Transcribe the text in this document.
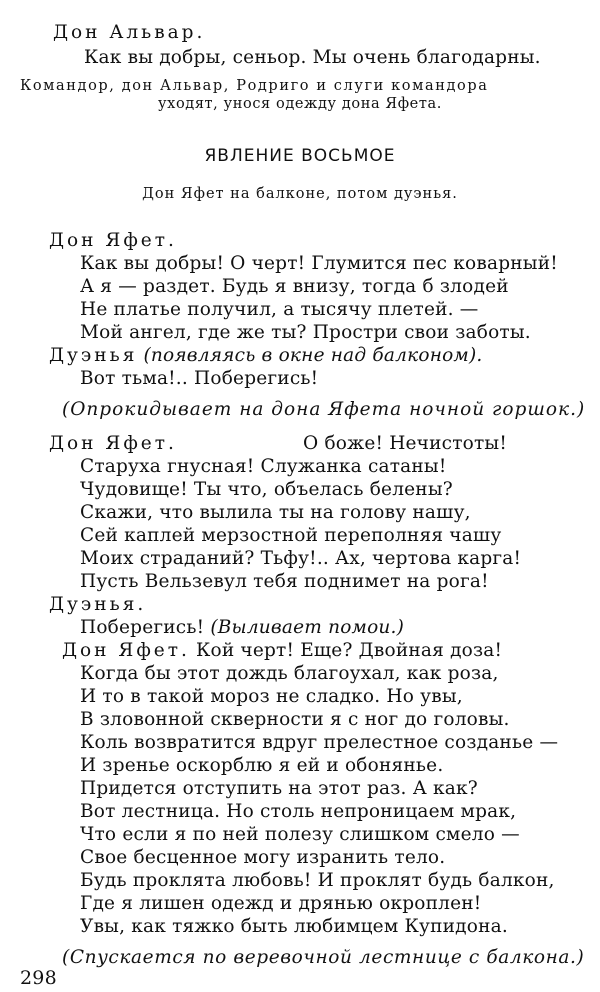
Дон Альвар.
Как вы добры, сеньор. Мы очень благодарны.
Командор, дон Альвар, Родриго и слуги командора
уходят, унося одежду дона Яфета.
ЯВЛЕНИЕ ВОСЬМОЕ
Дон Яфет на балконе, потом дуэнья.
Дон Яфет.
Как вы добры! О черт! Глумится пес коварный!
А я — раздет. Будь я внизу, тогда б злодей
Не платье получил, а тысячу плетей. —
Мой ангел, где же ты? Простри свои заботы.
Дуэнья (появляясь в окне над балконом).
Вот тьма!.. Поберегись!
(Опрокидывает на дона Яфета ночной горшок.)
Дон Яфет.	О боже! Нечистоты!
Старуха гнусная! Служанка сатаны!
Чудовище! Ты что, объелась белены?
Скажи, что вылила ты на голову нашу,
Сей каплей мерзостной переполняя чашу
Моих страданий? Тьфу!.. Ах, чертова карга!
Пусть Вельзевул тебя поднимет на рога!
Дуэнья.
Поберегись! (Выливает помои.)
Дон Яфет. Кой черт! Еще? Двойная доза!
Когда бы этот дождь благоухал, как роза,
И то в такой мороз не сладко. Но увы,
В зловонной скверности я с ног до головы.
Коль возвратится вдруг прелестное созданье —
И зренье оскорблю я ей и обонянье.
Придется отступить на этот раз. А как?
Вот лестница. Но столь непроницаем мрак,
Что если я по ней полезу слишком смело —
Свое бесценное могу изранить тело.
Будь проклята любовь! И проклят будь балкон,
Где я лишен одежд и дрянью окроплен!
Увы, как тяжко быть любимцем Купидона.
(Спускается по веревочной лестнице с балкона.)
298
